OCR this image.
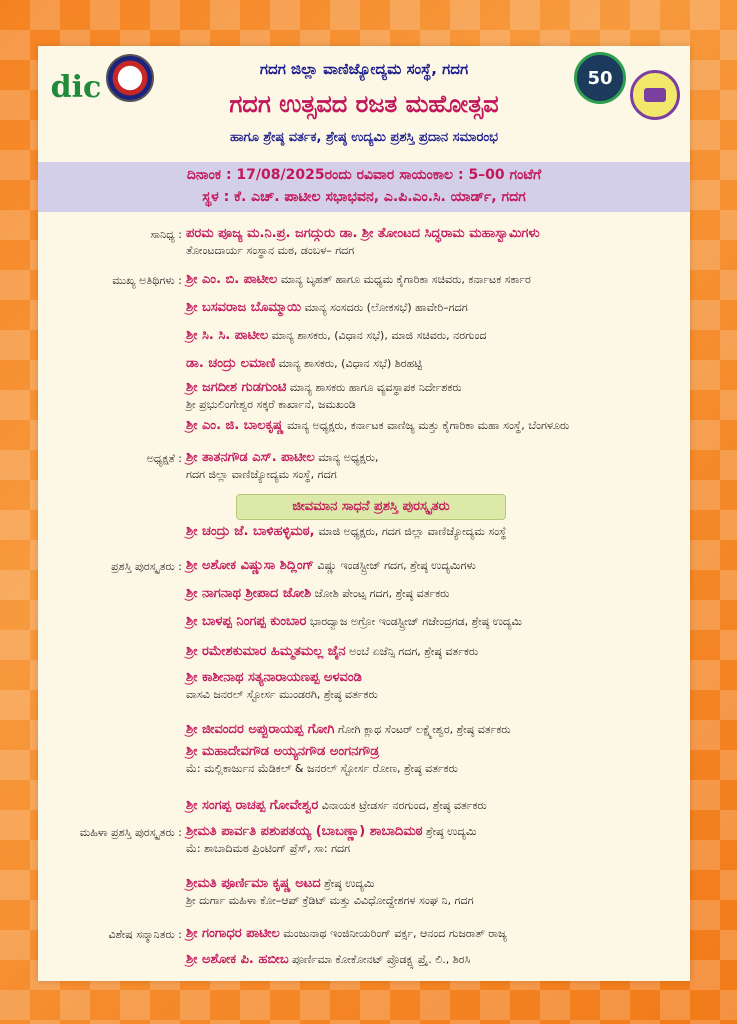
dic	50
ಗದಗ ಜಿಲ್ಲಾ ವಾಣಿಜ್ಯೋದ್ಯಮ ಸಂಸ್ಥೆ, ಗದಗ
ಗದಗ ಉತ್ಸವದ ರಜತ ಮಹೋತ್ಸವ
ಹಾಗೂ ಶ್ರೇಷ್ಠ ವರ್ತಕ, ಶ್ರೇಷ್ಠ ಉದ್ಯಮಿ ಪ್ರಶಸ್ತಿ ಪ್ರದಾನ ಸಮಾರಂಭ
ದಿನಾಂಕ : 17/08/2025ರಂದು ರವಿವಾರ ಸಾಯಂಕಾಲ : 5–00 ಗಂಟೆಗೆ
ಸ್ಥಳ : ಕೆ. ಎಚ್. ಪಾಟೀಲ ಸಭಾಭವನ, ಎ.ಪಿ.ಎಂ.ಸಿ. ಯಾರ್ಡ್, ಗದಗ
ಸಾನಿಧ್ಯ : ಪರಮ ಪೂಜ್ಯ ಮ.ನಿ.ಪ್ರ. ಜಗದ್ಗುರು ಡಾ. ಶ್ರೀ ತೋಂಟದ ಸಿದ್ಧರಾಮ ಮಹಾಸ್ವಾಮಿಗಳು
ತೋಂಟದಾರ್ಯ ಸಂಸ್ಥಾನ ಮಠ, ಡಂಬಳ– ಗದಗ
ಮುಖ್ಯ ಅತಿಥಿಗಳು : ಶ್ರೀ ಎಂ. ಬಿ. ಪಾಟೀಲ ಮಾನ್ಯ ಬೃಹತ್ ಹಾಗೂ ಮಧ್ಯಮ ಕೈಗಾರಿಕಾ ಸಚಿವರು, ಕರ್ನಾಟಕ ಸರ್ಕಾರ
ಶ್ರೀ ಬಸವರಾಜ ಬೊಮ್ಮಾಯಿ ಮಾನ್ಯ ಸಂಸದರು (ಲೋಕಸಭೆ) ಹಾವೇರಿ–ಗದಗ
ಶ್ರೀ ಸಿ. ಸಿ. ಪಾಟೀಲ ಮಾನ್ಯ ಶಾಸಕರು, (ವಿಧಾನ ಸಭೆ), ಮಾಜಿ ಸಚಿವರು, ನರಗುಂದ
ಡಾ. ಚಂದ್ರು ಲಮಾಣಿ ಮಾನ್ಯ ಶಾಸಕರು, (ವಿಧಾನ ಸಭೆ) ಶಿರಹಟ್ಟಿ
ಶ್ರೀ ಜಗದೀಶ ಗುಡಗುಂಟಿ ಮಾನ್ಯ ಶಾಸಕರು ಹಾಗೂ ವ್ಯವಸ್ಥಾಪಕ ನಿರ್ದೇಶಕರು
ಶ್ರೀ ಪ್ರಭುಲಿಂಗೇಶ್ವರ ಸಕ್ಕರೆ ಕಾರ್ಖಾನೆ, ಜಮಖಂಡಿ
ಶ್ರೀ ಎಂ. ಜಿ. ಬಾಲಕೃಷ್ಣ ಮಾನ್ಯ ಅಧ್ಯಕ್ಷರು, ಕರ್ನಾಟಕ ವಾಣಿಜ್ಯ ಮತ್ತು ಕೈಗಾರಿಕಾ ಮಹಾ ಸಂಸ್ಥೆ, ಬೆಂಗಳೂರು
ಅಧ್ಯಕ್ಷತೆ : ಶ್ರೀ ತಾತನಗೌಡ ಎಸ್. ಪಾಟೀಲ ಮಾನ್ಯ ಅಧ್ಯಕ್ಷರು,
ಗದಗ ಜಿಲ್ಲಾ ವಾಣಿಜ್ಯೋದ್ಯಮ ಸಂಸ್ಥೆ, ಗದಗ
ಜೀವಮಾನ ಸಾಧನೆ ಪ್ರಶಸ್ತಿ ಪುರಸ್ಕೃತರು
ಶ್ರೀ ಚಂದ್ರು ಜೆ. ಬಾಳಿಹಳ್ಳಿಮಠ, ಮಾಜಿ ಅಧ್ಯಕ್ಷರು, ಗದಗ ಜಿಲ್ಲಾ ವಾಣಿಜ್ಯೋದ್ಯಮ ಸಂಸ್ಥೆ
ಪ್ರಶಸ್ತಿ ಪುರಸ್ಕೃತರು : ಶ್ರೀ ಅಶೋಕ ವಿಷ್ಣುಸಾ ಶಿದ್ಲಿಂಗ್ ವಿಷ್ಣು ಇಂಡಸ್ಟ್ರೀಜ್ ಗದಗ, ಶ್ರೇಷ್ಠ ಉದ್ಯಮಿಗಳು
ಶ್ರೀ ನಾಗನಾಥ ಶ್ರೀಪಾದ ಜೋಶಿ ಜೋಶಿ ಪೇಂಟ್ಸ ಗದಗ, ಶ್ರೇಷ್ಠ ವರ್ತಕರು
ಶ್ರೀ ಬಾಳಪ್ಪ ನಿಂಗಪ್ಪ ಕುಂಬಾರ ಭಾರದ್ವಾಜ ಅಗ್ರೋ ಇಂಡಸ್ಟ್ರೀಜ್ ಗಜೇಂದ್ರಗಡ, ಶ್ರೇಷ್ಠ ಉದ್ಯಮಿ
ಶ್ರೀ ರಮೇಶಕುಮಾರ ಹಿಮ್ಮತಮಲ್ಲ ಜೈನ ಅಂಬೆ ಏಜೆನ್ಸಿ ಗದಗ, ಶ್ರೇಷ್ಠ ವರ್ತಕರು
ಶ್ರೀ ಕಾಶೀನಾಥ ಸತ್ಯನಾರಾಯಣಪ್ಪ ಅಳವಂಡಿ
ವಾಸವಿ ಜನರಲ್ ಸ್ಟೋರ್ಸ ಮುಂಡರಗಿ, ಶ್ರೇಷ್ಠ ವರ್ತಕರು
ಶ್ರೀ ಜೀವಂದರ ಅಪ್ಪುರಾಯಪ್ಪ ಗೋಗಿ ಗೋಗಿ ಕ್ಲಾಥ ಸೆಂಟರ್ ಲಕ್ಷ್ಮೇಶ್ವರ, ಶ್ರೇಷ್ಠ ವರ್ತಕರು
ಶ್ರೀ ಮಹಾದೇವಗೌಡ ಅಯ್ಯನಗೌಡ ಅಂಗನಗೌಡ್ರ
ಮೆ: ಮಲ್ಲಿಕಾರ್ಜುನ ಮೆಡಿಕಲ್ & ಜನರಲ್ ಸ್ಟೋರ್ಸ ರೋಣ, ಶ್ರೇಷ್ಠ ವರ್ತಕರು
ಶ್ರೀ ಸಂಗಪ್ಪ ರಾಚಪ್ಪ ಗೋವೇಶ್ವರ ವಿನಾಯಕ ಟ್ರೇಡರ್ಸ ನರಗುಂದ, ಶ್ರೇಷ್ಠ ವರ್ತಕರು
ಮಹಿಳಾ ಪ್ರಶಸ್ತಿ ಪುರಸ್ಕೃತರು : ಶ್ರೀಮತಿ ಪಾರ್ವತಿ ಪಶುಪತಯ್ಯ (ಬಾಬಣ್ಣಾ) ಶಾಬಾದಿಮಠ ಶ್ರೇಷ್ಠ ಉದ್ಯಮಿ
ಮೆ: ಶಾಬಾದಿಮಠ ಪ್ರಿಂಟಿಂಗ್ ಪ್ರೆಸ್, ಸಾ: ಗದಗ
ಶ್ರೀಮತಿ ಪೂರ್ಣಿಮಾ ಕೃಷ್ಣ ಅಟದ ಶ್ರೇಷ್ಠ ಉದ್ಯಮಿ
ಶ್ರೀ ದುರ್ಗಾ ಮಹಿಳಾ ಕೋ–ಆಪ್ ಕ್ರೆಡಿಟ್ ಮತ್ತು ವಿವಿಧೋದ್ದೇಶಗಳ ಸಂಘ ನಿ, ಗದಗ
ವಿಶೇಷ ಸನ್ಮಾನಿತರು : ಶ್ರೀ ಗಂಗಾಧರ ಪಾಟೀಲ ಮಂಜುನಾಥ ಇಂಜಿನೀಯರಿಂಗ್ ವರ್ಕ್ಸ, ಆನಂದ ಗುಜರಾತ್ ರಾಜ್ಯ
ಶ್ರೀ ಅಶೋಕ ಪಿ. ಹಬೀಬ ಪೂರ್ಣಿಮಾ ಕೋಕೋನಟ್ ಪ್ರೊಡಕ್ಟ್ಸ ಪ್ರೈ. ಲಿ., ಶಿರಸಿ
